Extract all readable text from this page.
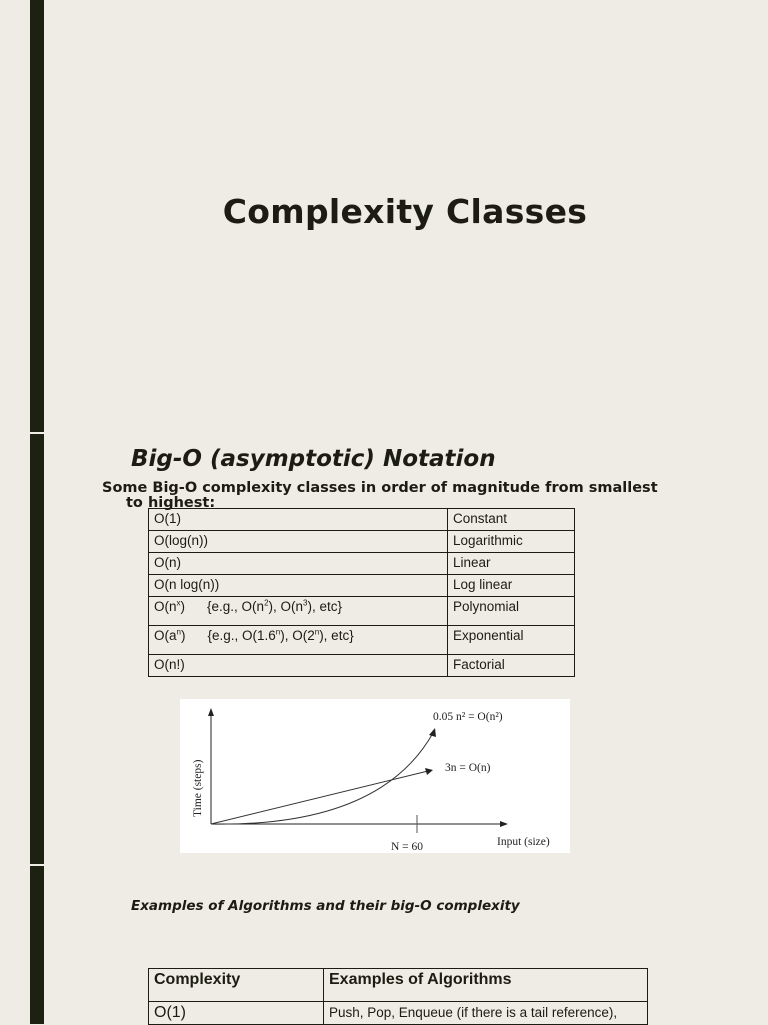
Complexity Classes
Big-O (asymptotic) Notation
Some Big-O complexity classes in order of magnitude from smallest
to highest:
O(1)	Constant
O(log(n))	Logarithmic
O(n)	Linear
O(n log(n))	Log linear
$O(n^x)$ {e.g., $O(n^2)$, $O(n^3)$, etc}	Polynomial
$O(a^n)$ {e.g., O(1.6$^n$), O(2$^n$), etc}	Exponential
O(n!)	Factorial
0.05 n² = O(n²)
3n = O(n)
N = 60	Input (size)
Time (steps)
Examples of Algorithms and their big-O complexity
Complexity	Examples of Algorithms
O(1)	Push, Pop, Enqueue (if there is a tail reference),
